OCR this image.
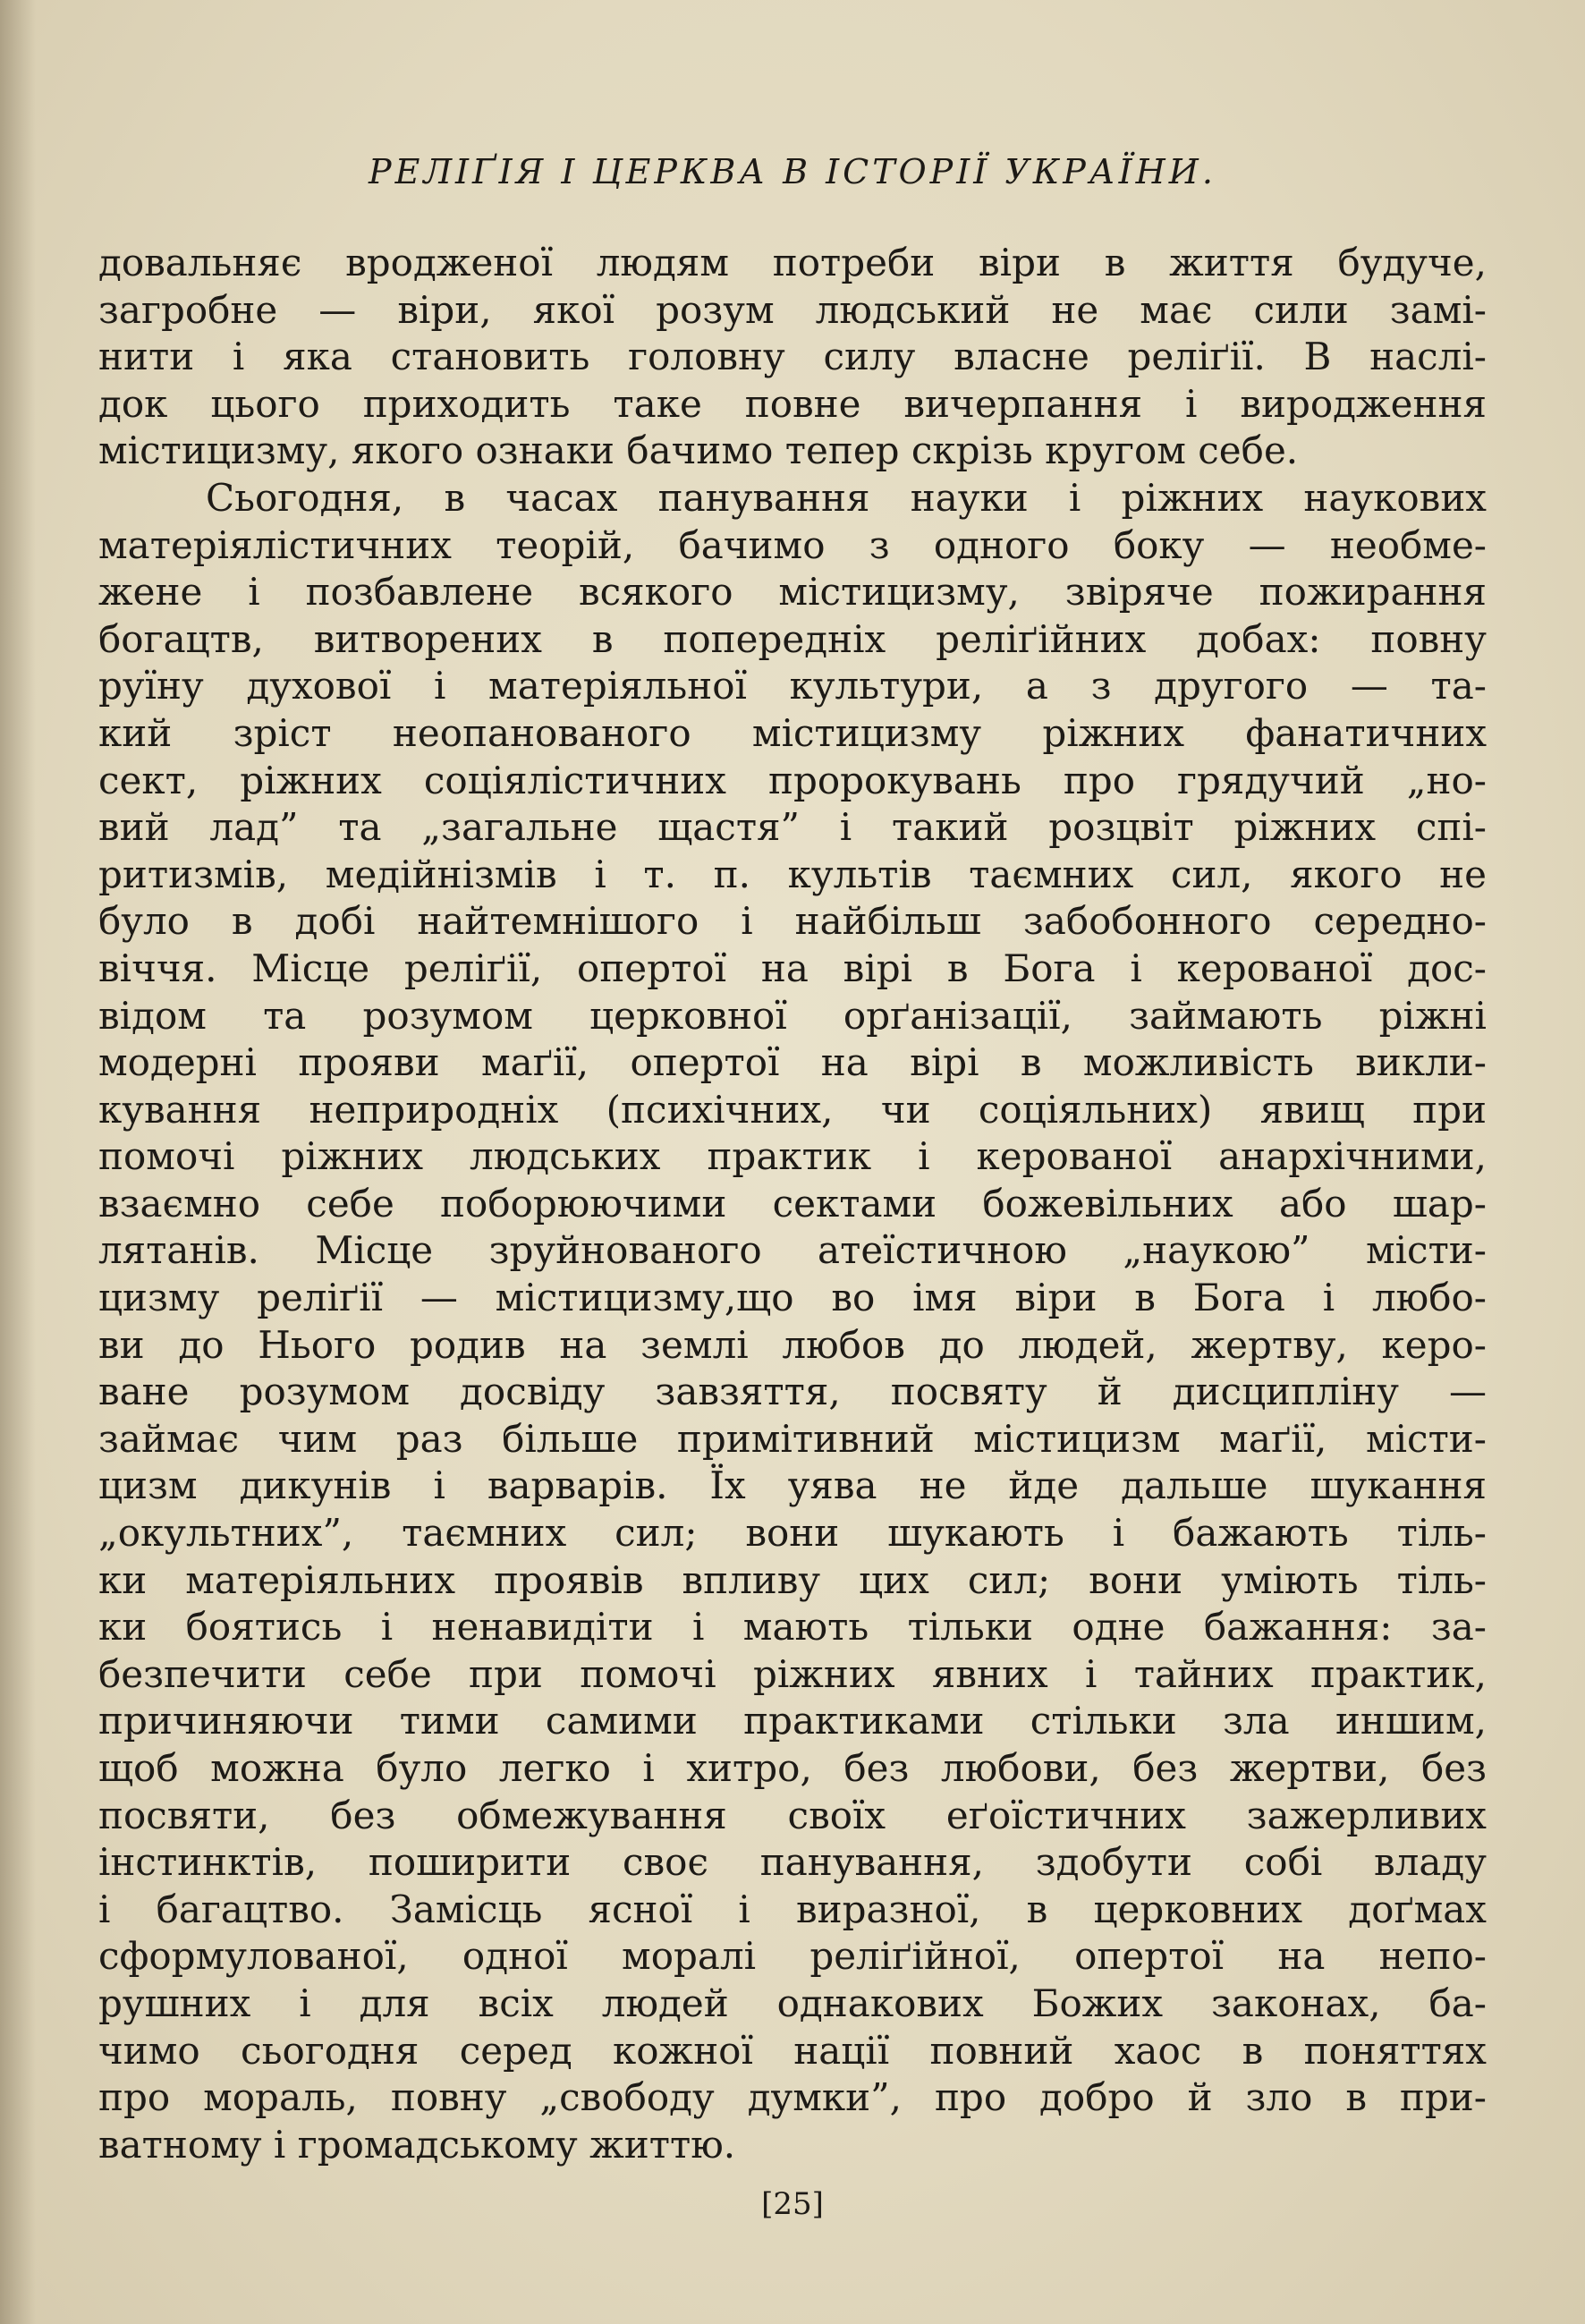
РЕЛІҐІЯ І ЦЕРКВА В ІСТОРІЇ УКРАЇНИ.
довальняє вродженої людям потреби віри в життя будуче,
загробне — віри, якої розум людський не має сили замі-
нити і яка становить головну силу власне реліґії. В наслі-
док цього приходить таке повне вичерпання і виродження
містицизму, якого ознаки бачимо тепер скрізь кругом себе.
Сьогодня, в часах панування науки і ріжних наукових
матеріялістичних теорій, бачимо з одного боку — необме-
жене і позбавлене всякого містицизму, звіряче пожирання
богацтв, витворених в попередніх реліґійних добах: повну
руїну духової і матеріяльної культури, а з другого — та-
кий зріст неопанованого містицизму ріжних фанатичних
сект, ріжних соціялістичних пророкувань про грядучий „но-
вий лад” та „загальне щастя” і такий розцвіт ріжних спі-
ритизмів, медійнізмів і т. п. культів таємних сил, якого не
було в добі найтемнішого і найбільш забобонного середно-
віччя. Місце реліґії, опертої на вірі в Бога і керованої дос-
відом та розумом церковної орґанізації, займають ріжні
модерні прояви маґії, опертої на вірі в можливість викли-
кування неприродніх (психічних, чи соціяльних) явищ при
помочі ріжних людських практик і керованої анархічними,
взаємно себе поборюючими сектами божевільних або шар-
лятанів. Місце зруйнованого атеїстичною „наукою” місти-
цизму реліґії — містицизму,що во імя віри в Бога і любо-
ви до Нього родив на землі любов до людей, жертву, керо-
ване розумом досвіду завзяття, посвяту й дисципліну —
займає чим раз більше примітивний містицизм маґії, місти-
цизм дикунів і варварів. Їх уява не йде дальше шукання
„окультних”, таємних сил; вони шукають і бажають тіль-
ки матеріяльних проявів впливу цих сил; вони уміють тіль-
ки боятись і ненавидіти і мають тільки одне бажання: за-
безпечити себе при помочі ріжних явних і тайних практик,
причиняючи тими самими практиками стільки зла иншим,
щоб можна було легко і хитро, без любови, без жертви, без
посвяти, без обмежування своїх еґоїстичних зажерливих
інстинктів, поширити своє панування, здобути собі владу
і багацтво. Замісць ясної і виразної, в церковних доґмах
сформулованої, одної моралі реліґійної, опертої на непо-
рушних і для всіх людей однакових Божих законах, ба-
чимо сьогодня серед кожної нації повний хаос в поняттях
про мораль, повну „свободу думки”, про добро й зло в при-
ватному і громадському життю.
[25]
